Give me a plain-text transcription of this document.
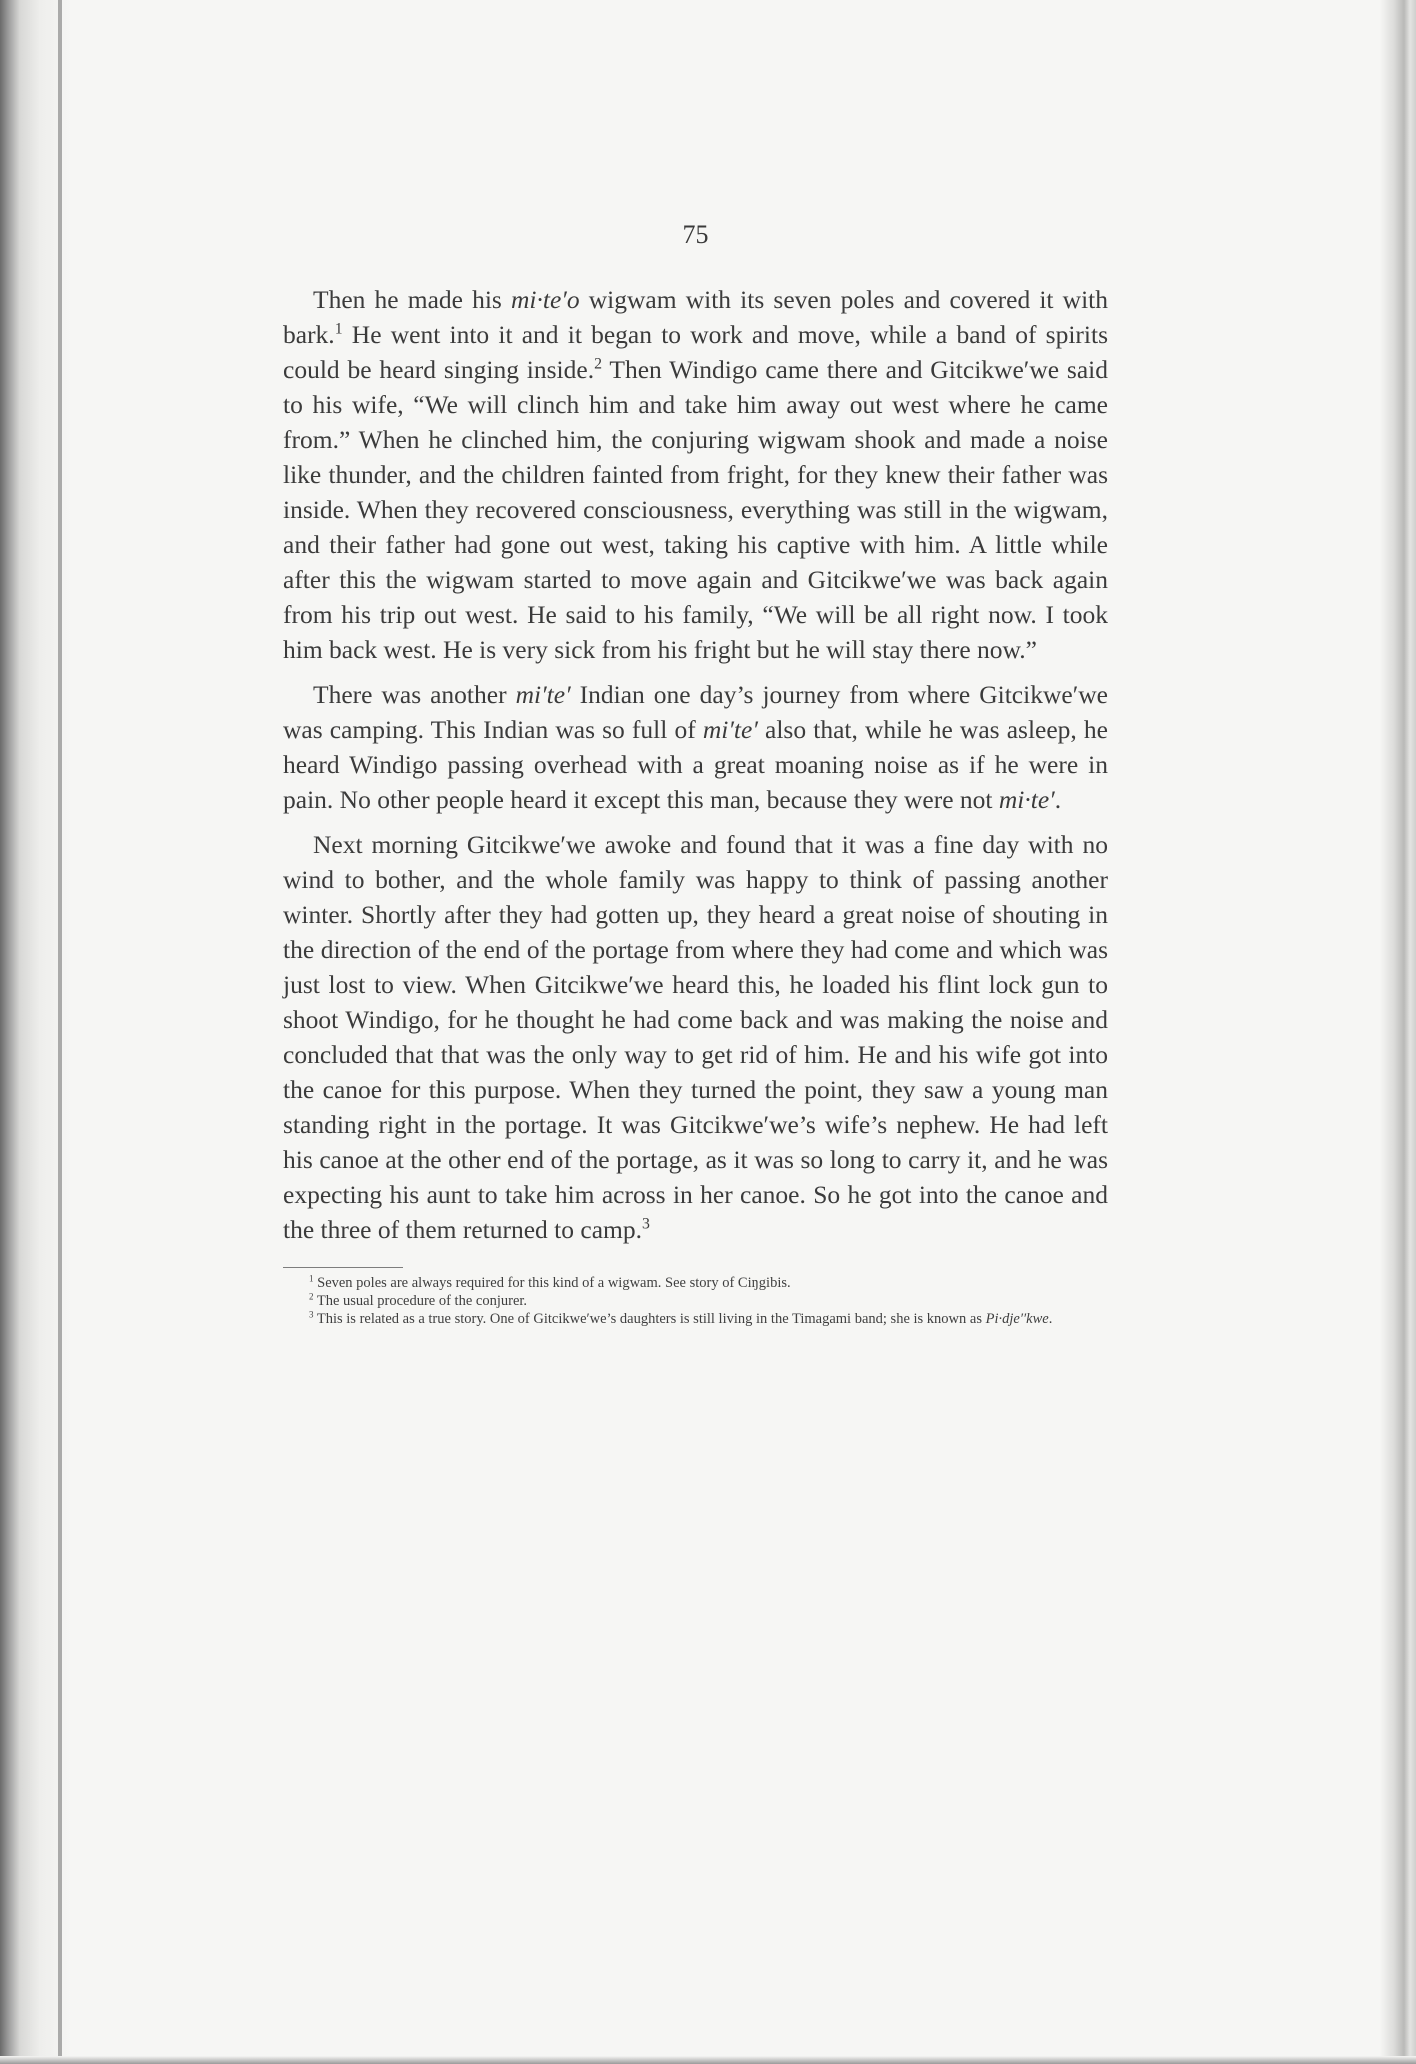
75

Then he made his mi·te′o wigwam with its seven poles and covered it with bark.$^1$ He went into it and it began to work and move, while a band of spirits could be heard singing inside.$^2$ Then Windigo came there and Gitcikwe′we said to his wife, “We will clinch him and take him away out west where he came from.” When he clinched him, the conjuring wigwam shook and made a noise like thunder, and the children fainted from fright, for they knew their father was inside. When they recovered consciousness, everything was still in the wigwam, and their father had gone out west, taking his captive with him. A little while after this the wigwam started to move again and Gitcikwe′we was back again from his trip out west. He said to his family, “We will be all right now. I took him back west. He is very sick from his fright but he will stay there now.”

There was another mi′te′ Indian one day’s journey from where Gitcikwe′we was camping. This Indian was so full of mi′te′ also that, while he was asleep, he heard Windigo passing overhead with a great moaning noise as if he were in pain. No other people heard it except this man, because they were not mi·te′.

Next morning Gitcikwe′we awoke and found that it was a fine day with no wind to bother, and the whole family was happy to think of passing another winter. Shortly after they had gotten up, they heard a great noise of shouting in the direction of the end of the portage from where they had come and which was just lost to view. When Gitcikwe′we heard this, he loaded his flint lock gun to shoot Windigo, for he thought he had come back and was making the noise and concluded that that was the only way to get rid of him. He and his wife got into the canoe for this purpose. When they turned the point, they saw a young man standing right in the portage. It was Gitcikwe′we’s wife’s nephew. He had left his canoe at the other end of the portage, as it was so long to carry it, and he was expecting his aunt to take him across in her canoe. So he got into the canoe and the three of them returned to camp.$^3$

$^1$ Seven poles are always required for this kind of a wigwam. See story of Ciŋgibis.

$^2$ The usual procedure of the conjurer.

$^3$ This is related as a true story. One of Gitcikwe′we’s daughters is still living in the Timagami band; she is known as Pi·dje′′kwe.
